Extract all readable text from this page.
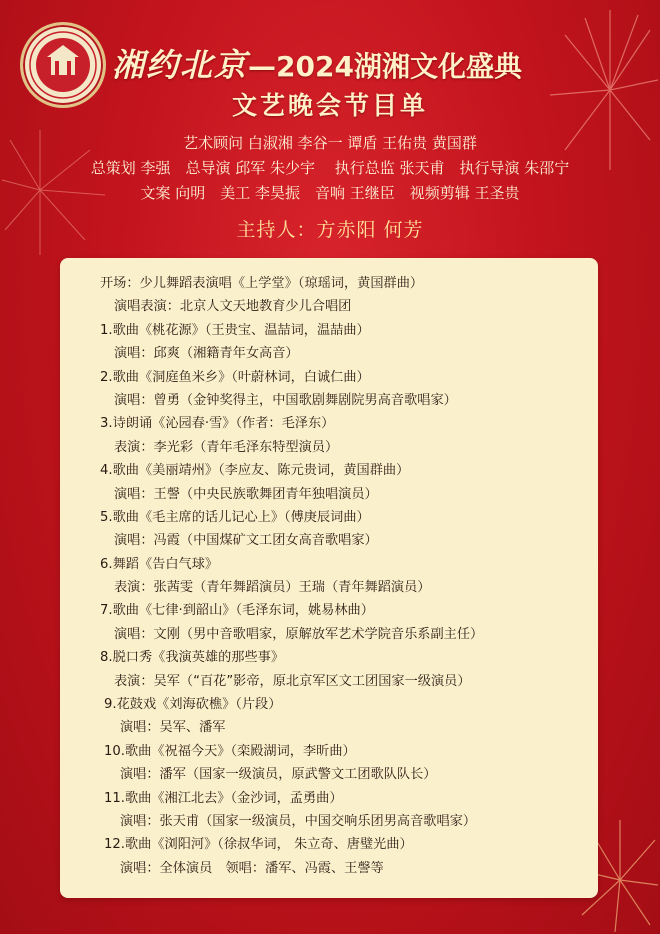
湘约北京—2024湖湘文化盛典
文艺晚会节目单
艺术顾问 白淑湘 李谷一 谭盾 王佑贵 黄国群
总策划 李强　总导演 邱军 朱少宇　 执行总监 张天甫　执行导演 朱邵宁
文案 向明　美工 李昊振　音响 王继臣　视频剪辑 王圣贵
主持人：方赤阳 何芳
开场：少儿舞蹈表演唱《上学堂》（琼瑶词，黄国群曲）
演唱表演：北京人文天地教育少儿合唱团
1.歌曲《桃花源》（王贵宝、温喆词，温喆曲）
演唱：邱爽（湘籍青年女高音）
2.歌曲《洞庭鱼米乡》（叶蔚林词，白诚仁曲）
演唱：曾勇（金钟奖得主，中国歌剧舞剧院男高音歌唱家）
3.诗朗诵《沁园春·雪》（作者：毛泽东）
表演：李光彩（青年毛泽东特型演员）
4.歌曲《美丽靖州》（李应友、陈元贵词，黄国群曲）
演唱：王謦（中央民族歌舞团青年独唱演员）
5.歌曲《毛主席的话儿记心上》（傅庚辰词曲）
演唱：冯霞（中国煤矿文工团女高音歌唱家）
6.舞蹈《告白气球》
表演：张茜雯（青年舞蹈演员）王瑞（青年舞蹈演员）
7.歌曲《七律·到韶山》（毛泽东词，姚易林曲）
演唱：文刚（男中音歌唱家，原解放军艺术学院音乐系副主任）
8.脱口秀《我演英雄的那些事》
表演：吴军（“百花”影帝，原北京军区文工团国家一级演员）
9.花鼓戏《刘海砍樵》（片段）
演唱：吴军、潘军
10.歌曲《祝福今天》（栾殿湖词，李昕曲）
演唱：潘军（国家一级演员，原武警文工团歌队队长）
11.歌曲《湘江北去》（金沙词，孟勇曲）
演唱：张天甫（国家一级演员，中国交响乐团男高音歌唱家）
12.歌曲《浏阳河》（徐叔华词， 朱立奇、唐璧光曲）
演唱：全体演员　领唱：潘军、冯霞、王謦等
